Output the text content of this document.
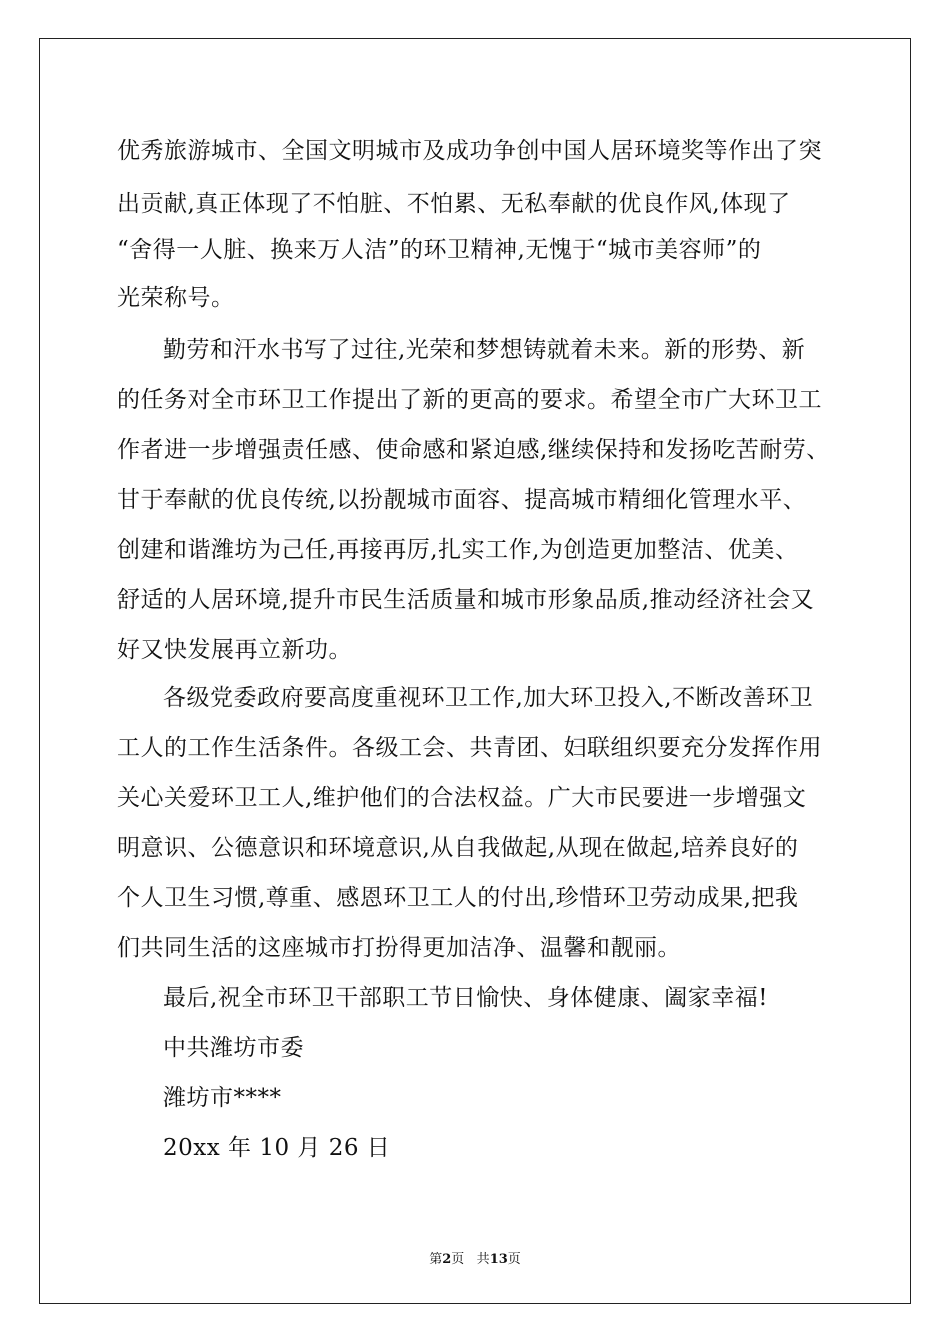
优秀旅游城市、全国文明城市及成功争创中国人居环境奖等作出了突
出贡献,真正体现了不怕脏、不怕累、无私奉献的优良作风,体现了
“舍得一人脏、换来万人洁”的环卫精神,无愧于“城市美容师”的
光荣称号。
勤劳和汗水书写了过往,光荣和梦想铸就着未来。新的形势、新
的任务对全市环卫工作提出了新的更高的要求。希望全市广大环卫工
作者进一步增强责任感、使命感和紧迫感,继续保持和发扬吃苦耐劳、
甘于奉献的优良传统,以扮靓城市面容、提高城市精细化管理水平、
创建和谐潍坊为己任,再接再厉,扎实工作,为创造更加整洁、优美、
舒适的人居环境,提升市民生活质量和城市形象品质,推动经济社会又
好又快发展再立新功。
各级党委政府要高度重视环卫工作,加大环卫投入,不断改善环卫
工人的工作生活条件。各级工会、共青团、妇联组织要充分发挥作用
关心关爱环卫工人,维护他们的合法权益。广大市民要进一步增强文
明意识、公德意识和环境意识,从自我做起,从现在做起,培养良好的
个人卫生习惯,尊重、感恩环卫工人的付出,珍惜环卫劳动成果,把我
们共同生活的这座城市打扮得更加洁净、温馨和靓丽。
最后,祝全市环卫干部职工节日愉快、身体健康、阖家幸福!
中共潍坊市委
潍坊市****
20xx 年 10 月 26 日
第2页 共13页
